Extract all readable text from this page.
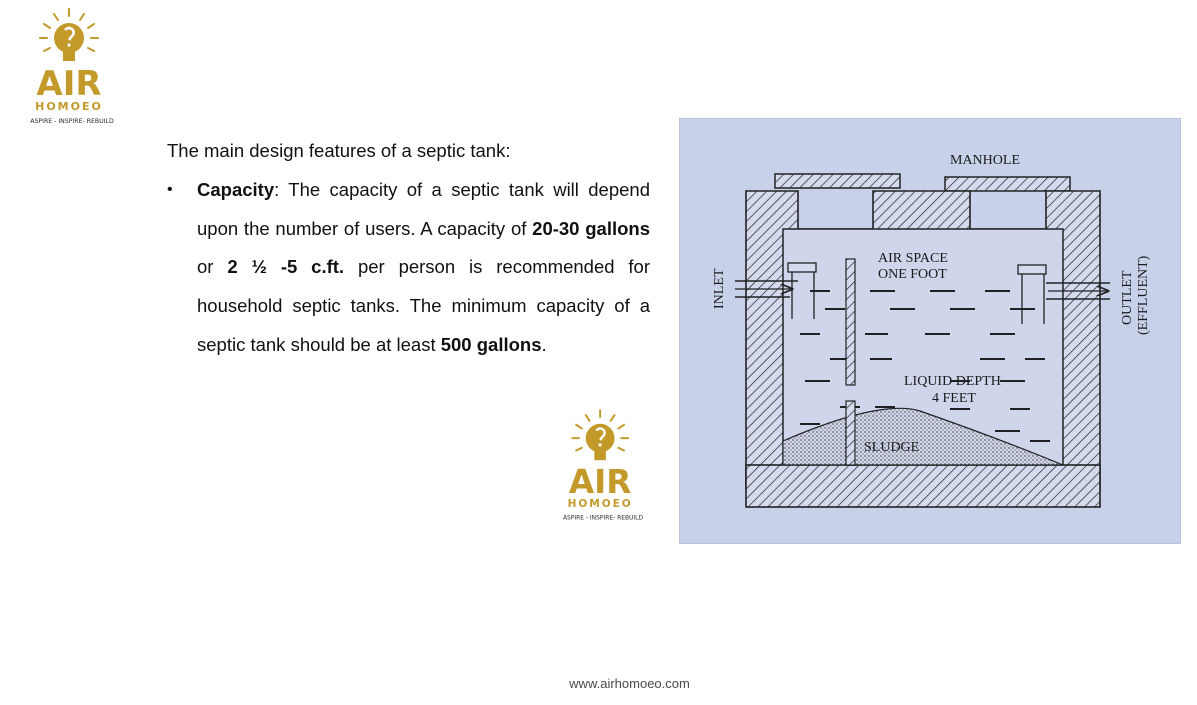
AIR
HOMOEO
ASPIRE - INSPIRE- REBUILD

The main design features of a septic tank:

• Capacity: The capacity of a septic tank will depend upon the number of users. A capacity of 20-30 gallons or 2 ½ -5 c.ft. per person is recommended for household septic tanks. The minimum capacity of a septic tank should be at least 500 gallons.

AIR
HOMOEO
ASPIRE - INSPIRE- REBUILD
MANHOLE
AIR SPACE
ONE FOOT
LIQUID DEPTH
4 FEET
SLUDGE
INLET	OUTLET (EFFLUENT)
www.airhomoeo.com
